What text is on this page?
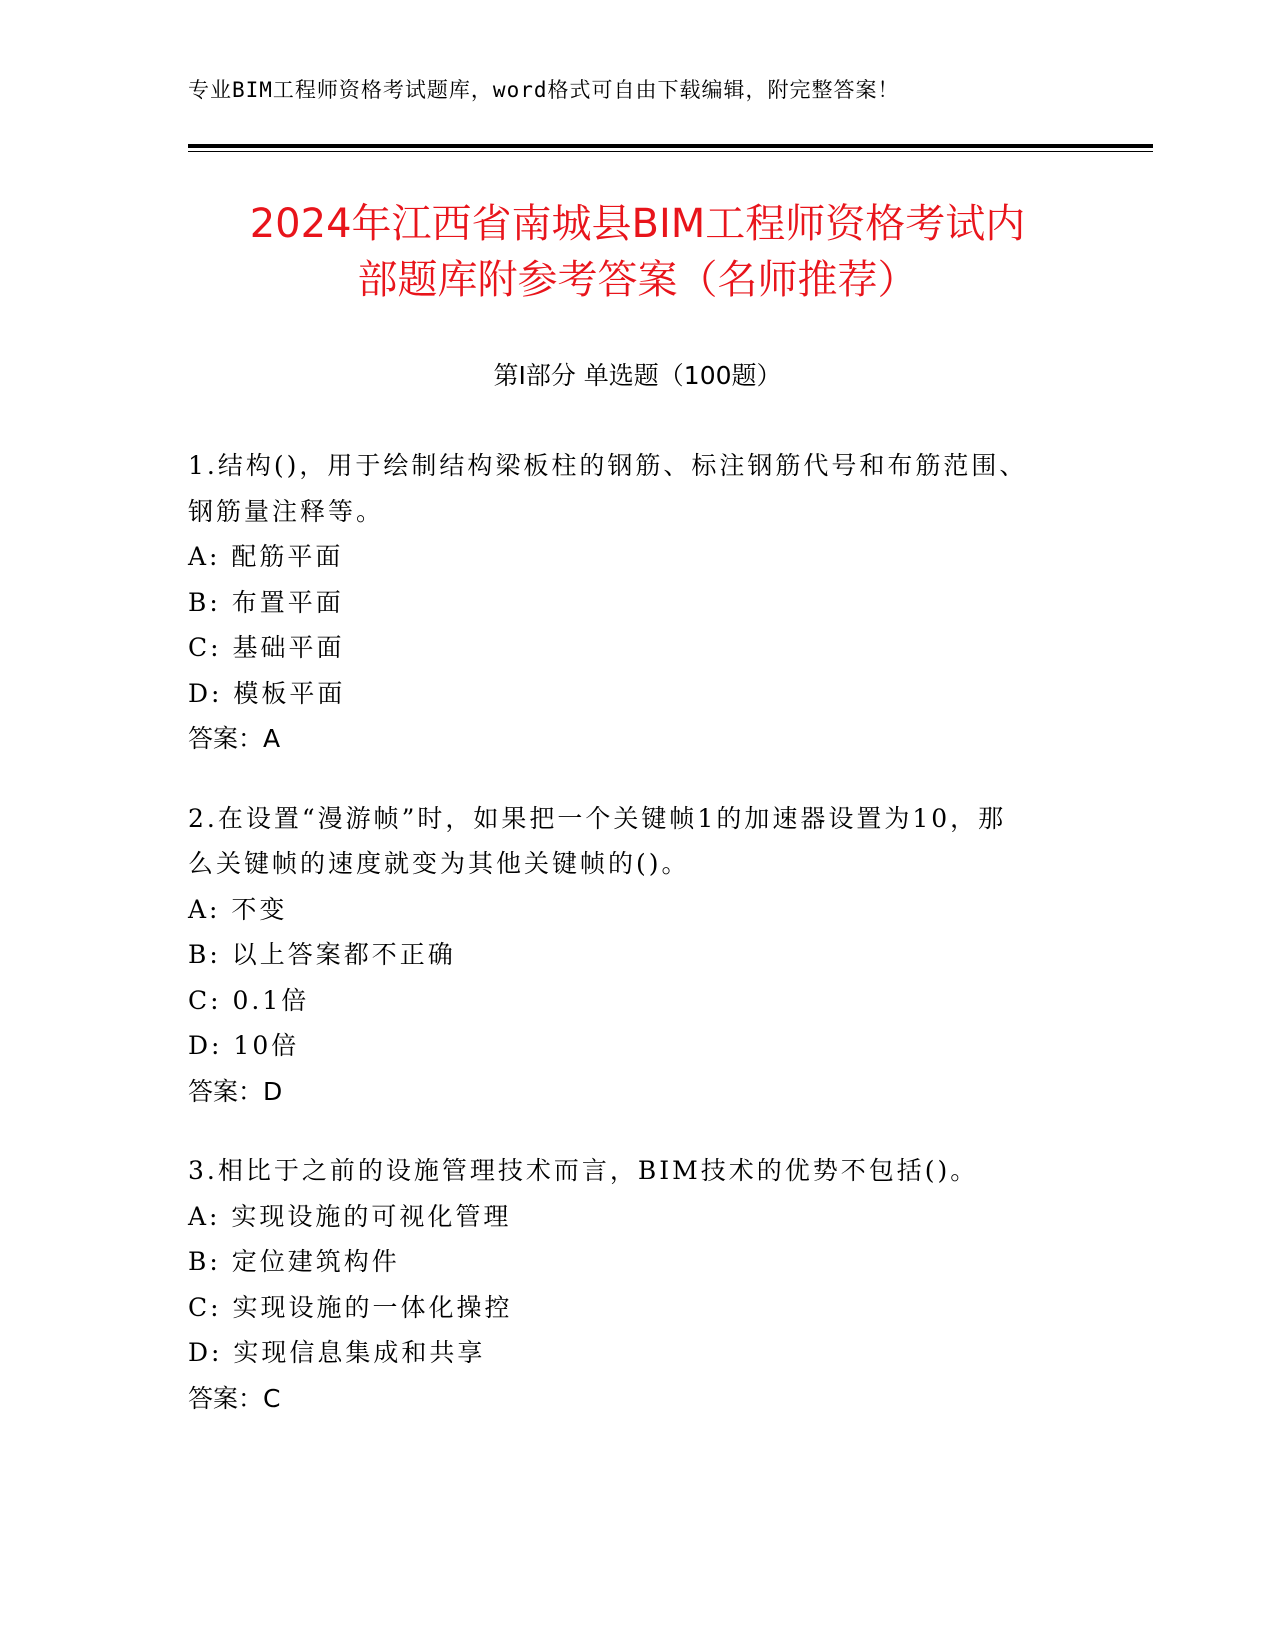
专业BIM工程师资格考试题库，word格式可自由下载编辑，附完整答案！
2024年江西省南城县BIM工程师资格考试内
部题库附参考答案（名师推荐）
第Ⅰ部分 单选题（100题）
1.结构()，用于绘制结构梁板柱的钢筋、标注钢筋代号和布筋范围、
钢筋量注释等。
A: 配筋平面
B: 布置平面
C: 基础平面
D: 模板平面
答案：A
2.在设置“漫游帧”时，如果把一个关键帧1的加速器设置为10，那
么关键帧的速度就变为其他关键帧的()。
A: 不变
B: 以上答案都不正确
C: 0.1倍
D: 10倍
答案：D
3.相比于之前的设施管理技术而言，BIM技术的优势不包括()。
A: 实现设施的可视化管理
B: 定位建筑构件
C: 实现设施的一体化操控
D: 实现信息集成和共享
答案：C
